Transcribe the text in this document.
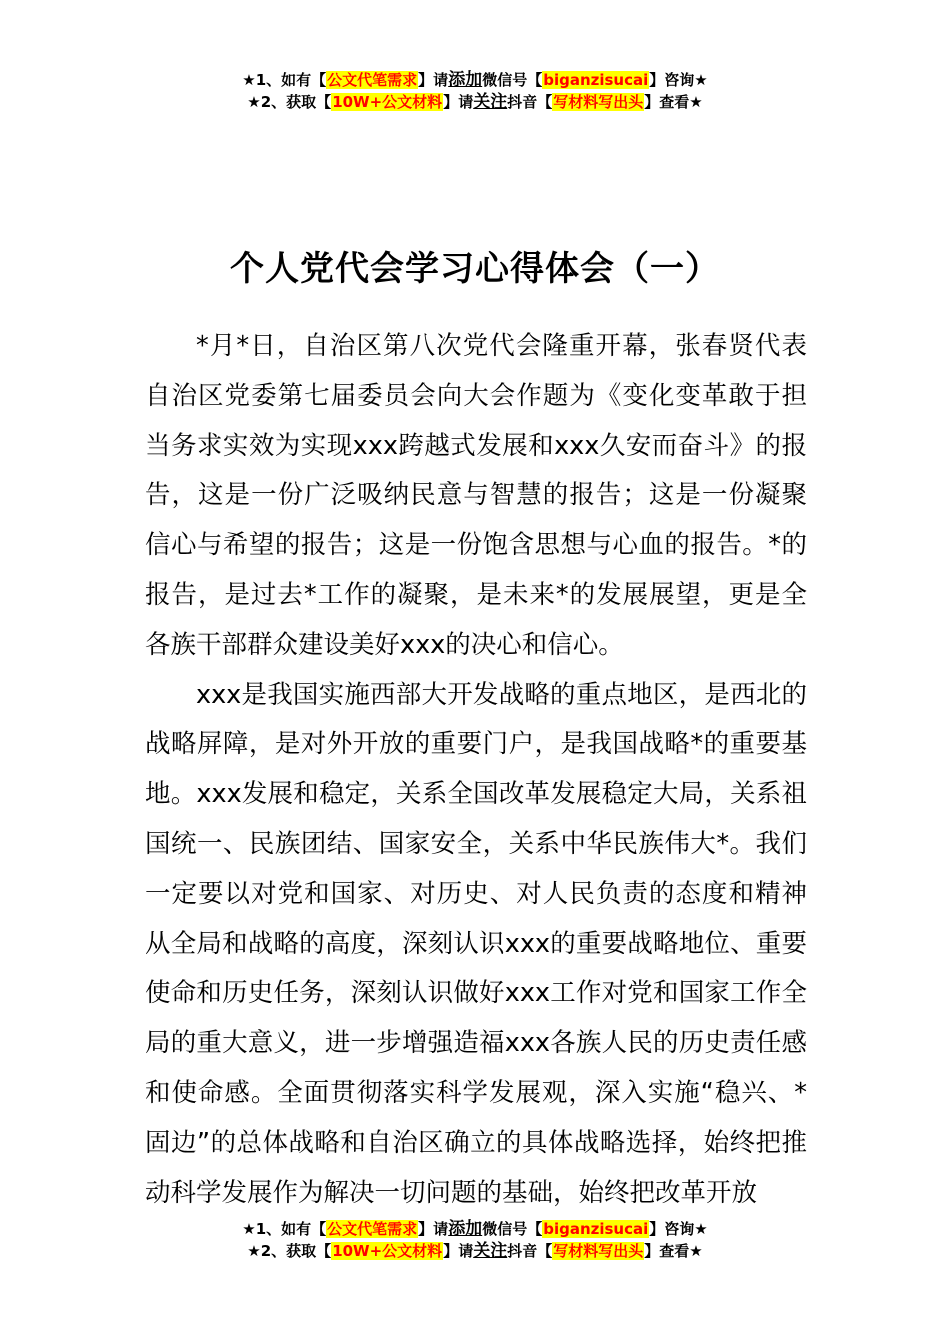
★1、如有【公文代笔需求】请添加微信号【biganzisucai】咨询★
★2、获取【10W+公文材料】请关注抖音【写材料写出头】查看★
个人党代会学习心得体会（一）

*月*日，自治区第八次党代会隆重开幕，张春贤代表自治区党委第七届委员会向大会作题为《变化变革敢于担当务求实效为实现xxx跨越式发展和xxx久安而奋斗》的报告，这是一份广泛吸纳民意与智慧的报告；这是一份凝聚信心与希望的报告；这是一份饱含思想与心血的报告。*的报告，是过去*工作的凝聚，是未来*的发展展望，更是全各族干部群众建设美好xxx的决心和信心。

xxx是我国实施西部大开发战略的重点地区，是西北的战略屏障，是对外开放的重要门户，是我国战略*的重要基地。xxx发展和稳定，关系全国改革发展稳定大局，关系祖国统一、民族团结、国家安全，关系中华民族伟大*。我们一定要以对党和国家、对历史、对人民负责的态度和精神从全局和战略的高度，深刻认识xxx的重要战略地位、重要使命和历史任务，深刻认识做好xxx工作对党和国家工作全局的重大意义，进一步增强造福xxx各族人民的历史责任感和使命感。全面贯彻落实科学发展观，深入实施“稳兴、*固边”的总体战略和自治区确立的具体战略选择，始终把推动科学发展作为解决一切问题的基础，始终把改革开放

★1、如有【公文代笔需求】请添加微信号【biganzisucai】咨询★
★2、获取【10W+公文材料】请关注抖音【写材料写出头】查看★
